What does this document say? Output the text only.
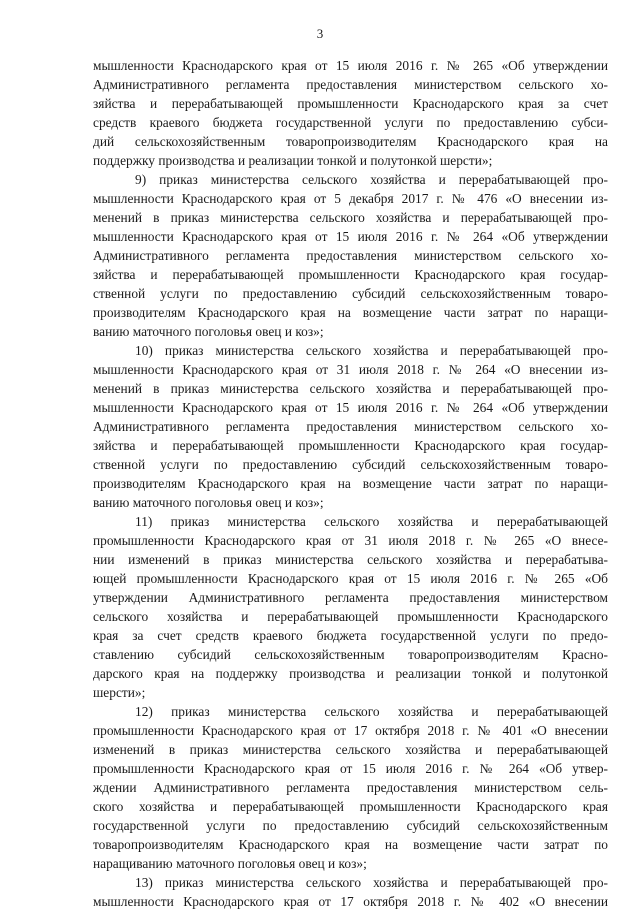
3
мышленности Краснодарского края от 15 июля 2016 г. № 265 «Об утверждении
Административного регламента предоставления министерством сельского хо-
зяйства и перерабатывающей промышленности Краснодарского края за счет
средств краевого бюджета государственной услуги по предоставлению субси-
дий сельскохозяйственным товаропроизводителям Краснодарского края на
поддержку производства и реализации тонкой и полутонкой шерсти»;
9) приказ министерства сельского хозяйства и перерабатывающей про-
мышленности Краснодарского края от 5 декабря 2017 г. № 476 «О внесении из-
менений в приказ министерства сельского хозяйства и перерабатывающей про-
мышленности Краснодарского края от 15 июля 2016 г. № 264 «Об утверждении
Административного регламента предоставления министерством сельского хо-
зяйства и перерабатывающей промышленности Краснодарского края государ-
ственной услуги по предоставлению субсидий сельскохозяйственным товаро-
производителям Краснодарского края на возмещение части затрат по наращи-
ванию маточного поголовья овец и коз»;
10) приказ министерства сельского хозяйства и перерабатывающей про-
мышленности Краснодарского края от 31 июля 2018 г. № 264 «О внесении из-
менений в приказ министерства сельского хозяйства и перерабатывающей про-
мышленности Краснодарского края от 15 июля 2016 г. № 264 «Об утверждении
Административного регламента предоставления министерством сельского хо-
зяйства и перерабатывающей промышленности Краснодарского края государ-
ственной услуги по предоставлению субсидий сельскохозяйственным товаро-
производителям Краснодарского края на возмещение части затрат по наращи-
ванию маточного поголовья овец и коз»;
11) приказ министерства сельского хозяйства и перерабатывающей
промышленности Краснодарского края от 31 июля 2018 г. № 265 «О внесе-
нии изменений в приказ министерства сельского хозяйства и перерабатыва-
ющей промышленности Краснодарского края от 15 июля 2016 г. № 265 «Об
утверждении Административного регламента предоставления министерством
сельского хозяйства и перерабатывающей промышленности Краснодарского
края за счет средств краевого бюджета государственной услуги по предо-
ставлению субсидий сельскохозяйственным товаропроизводителям Красно-
дарского края на поддержку производства и реализации тонкой и полутонкой
шерсти»;
12) приказ министерства сельского хозяйства и перерабатывающей
промышленности Краснодарского края от 17 октября 2018 г. № 401 «О внесении
изменений в приказ министерства сельского хозяйства и перерабатывающей
промышленности Краснодарского края от 15 июля 2016 г. № 264 «Об утвер-
ждении Административного регламента предоставления министерством сель-
ского хозяйства и перерабатывающей промышленности Краснодарского края
государственной услуги по предоставлению субсидий сельскохозяйственным
товаропроизводителям Краснодарского края на возмещение части затрат по
наращиванию маточного поголовья овец и коз»;
13) приказ министерства сельского хозяйства и перерабатывающей про-
мышленности Краснодарского края от 17 октября 2018 г. № 402 «О внесении
